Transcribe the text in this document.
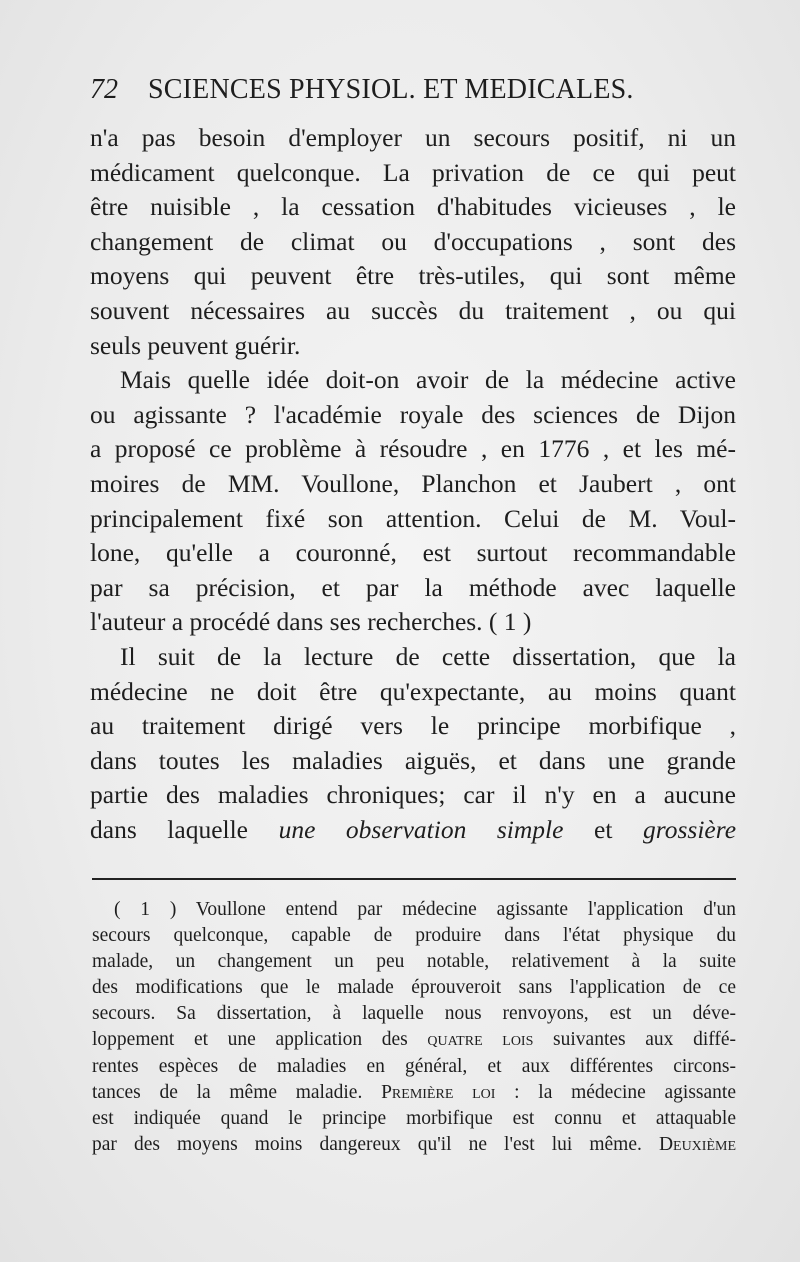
72 SCIENCES PHYSIOL. ET MEDICALES.
n'a pas besoin d'employer un secours positif, ni un
médicament quelconque. La privation de ce qui peut
être nuisible , la cessation d'habitudes vicieuses , le
changement de climat ou d'occupations , sont des
moyens qui peuvent être très-utiles, qui sont même
souvent nécessaires au succès du traitement , ou qui
seuls peuvent guérir.
Mais quelle idée doit-on avoir de la médecine active
ou agissante ? l'académie royale des sciences de Dijon
a proposé ce problème à résoudre , en 1776 , et les mé-
moires de MM. Voullone, Planchon et Jaubert , ont
principalement fixé son attention. Celui de M. Voul-
lone, qu'elle a couronné, est surtout recommandable
par sa précision, et par la méthode avec laquelle
l'auteur a procédé dans ses recherches. ( 1 )
Il suit de la lecture de cette dissertation, que la
médecine ne doit être qu'expectante, au moins quant
au traitement dirigé vers le principe morbifique ,
dans toutes les maladies aiguës, et dans une grande
partie des maladies chroniques; car il n'y en a aucune
dans laquelle une observation simple et grossière
( 1 ) Voullone entend par médecine agissante l'application d'un
secours quelconque, capable de produire dans l'état physique du
malade, un changement un peu notable, relativement à la suite
des modifications que le malade éprouveroit sans l'application de ce
secours. Sa dissertation, à laquelle nous renvoyons, est un déve-
loppement et une application des quatre lois suivantes aux diffé-
rentes espèces de maladies en général, et aux différentes circons-
tances de la même maladie. Première loi : la médecine agissante
est indiquée quand le principe morbifique est connu et attaquable
par des moyens moins dangereux qu'il ne l'est lui même. Deuxième
